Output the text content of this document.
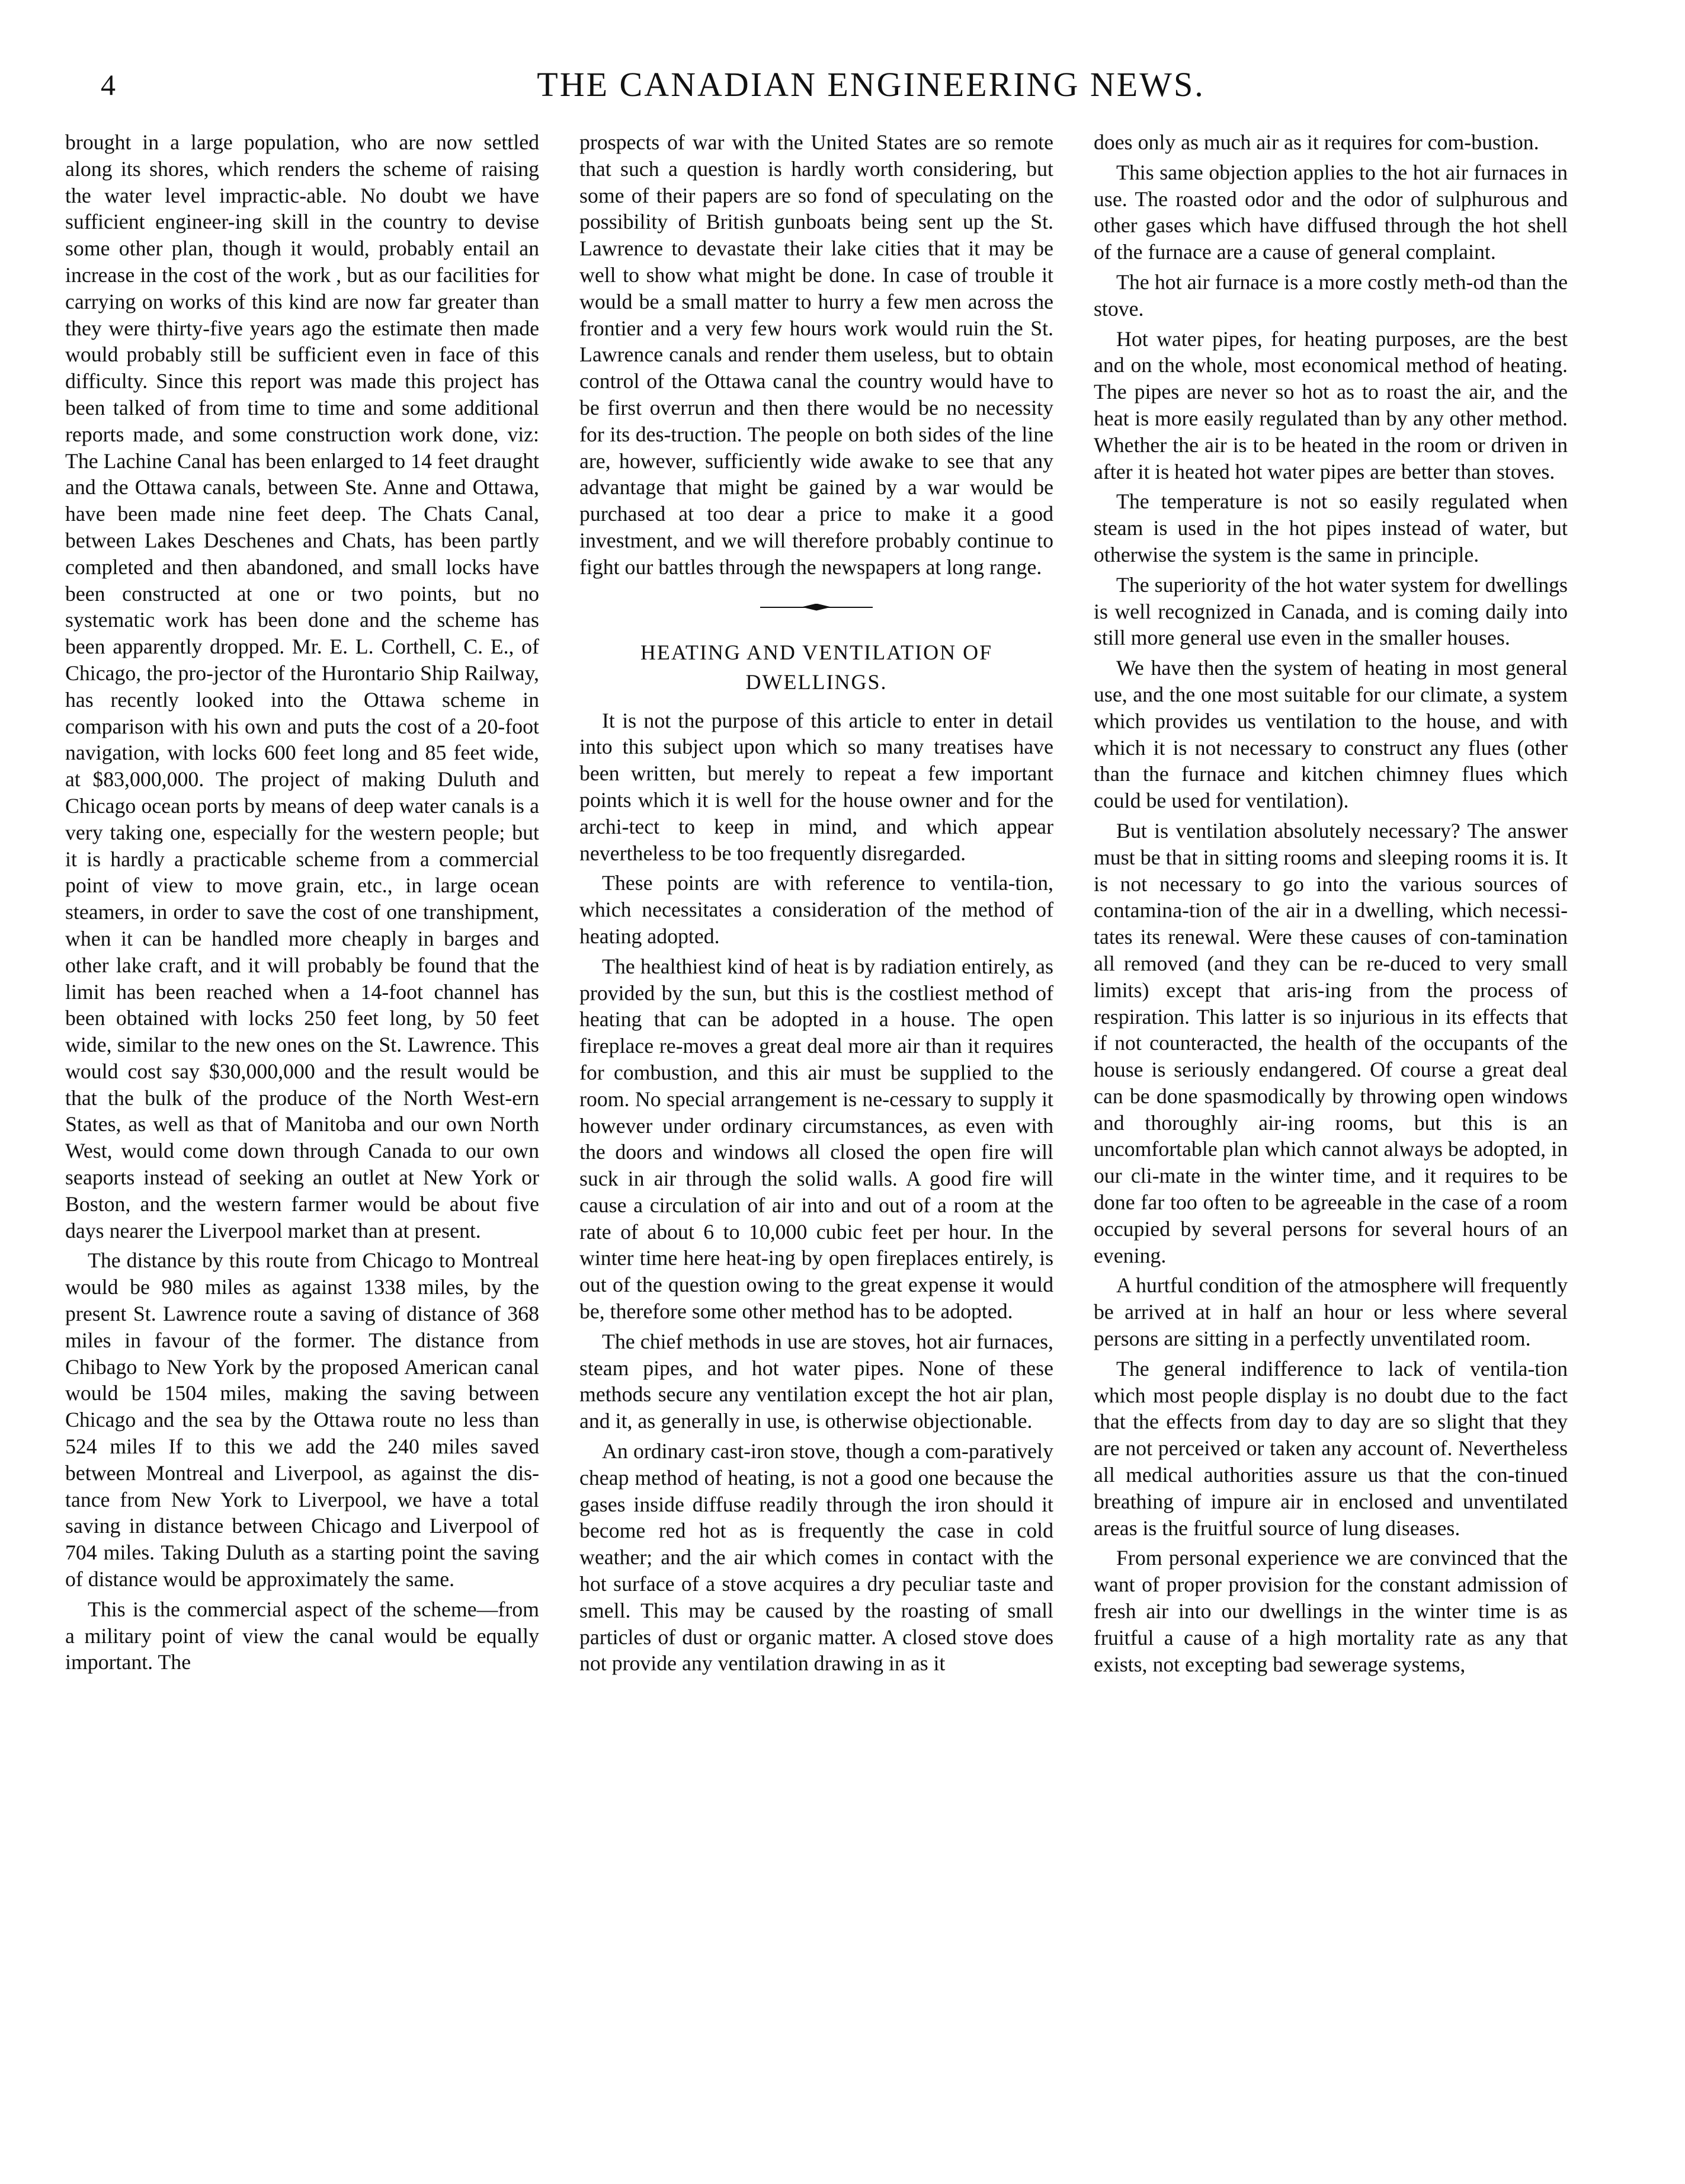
4	THE CANADIAN ENGINEERING NEWS.

brought in a large population, who are now settled along its shores, which renders the scheme of raising the water level impractic-able. No doubt we have sufficient engineer-ing skill in the country to devise some other plan, though it would, probably entail an increase in the cost of the work , but as our facilities for carrying on works of this kind are now far greater than they were thirty-five years ago the estimate then made would probably still be sufficient even in face of this difficulty. Since this report was made this project has been talked of from time to time and some additional reports made, and some construction work done, viz: The Lachine Canal has been enlarged to 14 feet draught and the Ottawa canals, between Ste. Anne and Ottawa, have been made nine feet deep. The Chats Canal, between Lakes Deschenes and Chats, has been partly completed and then abandoned, and small locks have been constructed at one or two points, but no systematic work has been done and the scheme has been apparently dropped. Mr. E. L. Corthell, C. E., of Chicago, the pro-jector of the Hurontario Ship Railway, has recently looked into the Ottawa scheme in comparison with his own and puts the cost of a 20-foot navigation, with locks 600 feet long and 85 feet wide, at $83,000,000. The project of making Duluth and Chicago ocean ports by means of deep water canals is a very taking one, especially for the western people; but it is hardly a practicable scheme from a commercial point of view to move grain, etc., in large ocean steamers, in order to save the cost of one transhipment, when it can be handled more cheaply in barges and other lake craft, and it will probably be found that the limit has been reached when a 14-foot channel has been obtained with locks 250 feet long, by 50 feet wide, similar to the new ones on the St. Lawrence. This would cost say $30,000,000 and the result would be that the bulk of the produce of the North West-ern States, as well as that of Manitoba and our own North West, would come down through Canada to our own seaports instead of seeking an outlet at New York or Boston, and the western farmer would be about five days nearer the Liverpool market than at present.

The distance by this route from Chicago to Montreal would be 980 miles as against 1338 miles, by the present St. Lawrence route a saving of distance of 368 miles in favour of the former. The distance from Chibago to New York by the proposed American canal would be 1504 miles, making the saving between Chicago and the sea by the Ottawa route no less than 524 miles If to this we add the 240 miles saved between Montreal and Liverpool, as against the dis-tance from New York to Liverpool, we have a total saving in distance between Chicago and Liverpool of 704 miles. Taking Duluth as a starting point the saving of distance would be approximately the same.

This is the commercial aspect of the scheme—from a military point of view the canal would be equally important. The

prospects of war with the United States are so remote that such a question is hardly worth considering, but some of their papers are so fond of speculating on the possibility of British gunboats being sent up the St. Lawrence to devastate their lake cities that it may be well to show what might be done. In case of trouble it would be a small matter to hurry a few men across the frontier and a very few hours work would ruin the St. Lawrence canals and render them useless, but to obtain control of the Ottawa canal the country would have to be first overrun and then there would be no necessity for its des-truction. The people on both sides of the line are, however, sufficiently wide awake to see that any advantage that might be gained by a war would be purchased at too dear a price to make it a good investment, and we will therefore probably continue to fight our battles through the newspapers at long range.

HEATING AND VENTILATION OF DWELLINGS.

It is not the purpose of this article to enter in detail into this subject upon which so many treatises have been written, but merely to repeat a few important points which it is well for the house owner and for the archi-tect to keep in mind, and which appear nevertheless to be too frequently disregarded.

These points are with reference to ventila-tion, which necessitates a consideration of the method of heating adopted.

The healthiest kind of heat is by radiation entirely, as provided by the sun, but this is the costliest method of heating that can be adopted in a house. The open fireplace re-moves a great deal more air than it requires for combustion, and this air must be supplied to the room. No special arrangement is ne-cessary to supply it however under ordinary circumstances, as even with the doors and windows all closed the open fire will suck in air through the solid walls. A good fire will cause a circulation of air into and out of a room at the rate of about 6 to 10,000 cubic feet per hour. In the winter time here heat-ing by open fireplaces entirely, is out of the question owing to the great expense it would be, therefore some other method has to be adopted.

The chief methods in use are stoves, hot air furnaces, steam pipes, and hot water pipes. None of these methods secure any ventilation except the hot air plan, and it, as generally in use, is otherwise objectionable.

An ordinary cast-iron stove, though a com-paratively cheap method of heating, is not a good one because the gases inside diffuse readily through the iron should it become red hot as is frequently the case in cold weather; and the air which comes in contact with the hot surface of a stove acquires a dry peculiar taste and smell. This may be caused by the roasting of small particles of dust or organic matter. A closed stove does not provide any ventilation drawing in as it

does only as much air as it requires for com-bustion.

This same objection applies to the hot air furnaces in use. The roasted odor and the odor of sulphurous and other gases which have diffused through the hot shell of the furnace are a cause of general complaint.

The hot air furnace is a more costly meth-od than the stove.

Hot water pipes, for heating purposes, are the best and on the whole, most economical method of heating. The pipes are never so hot as to roast the air, and the heat is more easily regulated than by any other method. Whether the air is to be heated in the room or driven in after it is heated hot water pipes are better than stoves.

The temperature is not so easily regulated when steam is used in the hot pipes instead of water, but otherwise the system is the same in principle.

The superiority of the hot water system for dwellings is well recognized in Canada, and is coming daily into still more general use even in the smaller houses.

We have then the system of heating in most general use, and the one most suitable for our climate, a system which provides us ventilation to the house, and with which it is not necessary to construct any flues (other than the furnace and kitchen chimney flues which could be used for ventilation).

But is ventilation absolutely necessary? The answer must be that in sitting rooms and sleeping rooms it is. It is not necessary to go into the various sources of contamina-tion of the air in a dwelling, which necessi-tates its renewal. Were these causes of con-tamination all removed (and they can be re-duced to very small limits) except that aris-ing from the process of respiration. This latter is so injurious in its effects that if not counteracted, the health of the occupants of the house is seriously endangered. Of course a great deal can be done spasmodically by throwing open windows and thoroughly air-ing rooms, but this is an uncomfortable plan which cannot always be adopted, in our cli-mate in the winter time, and it requires to be done far too often to be agreeable in the case of a room occupied by several persons for several hours of an evening.

A hurtful condition of the atmosphere will frequently be arrived at in half an hour or less where several persons are sitting in a perfectly unventilated room.

The general indifference to lack of ventila-tion which most people display is no doubt due to the fact that the effects from day to day are so slight that they are not perceived or taken any account of. Nevertheless all medical authorities assure us that the con-tinued breathing of impure air in enclosed and unventilated areas is the fruitful source of lung diseases.

From personal experience we are convinced that the want of proper provision for the constant admission of fresh air into our dwellings in the winter time is as fruitful a cause of a high mortality rate as any that exists, not excepting bad sewerage systems,
